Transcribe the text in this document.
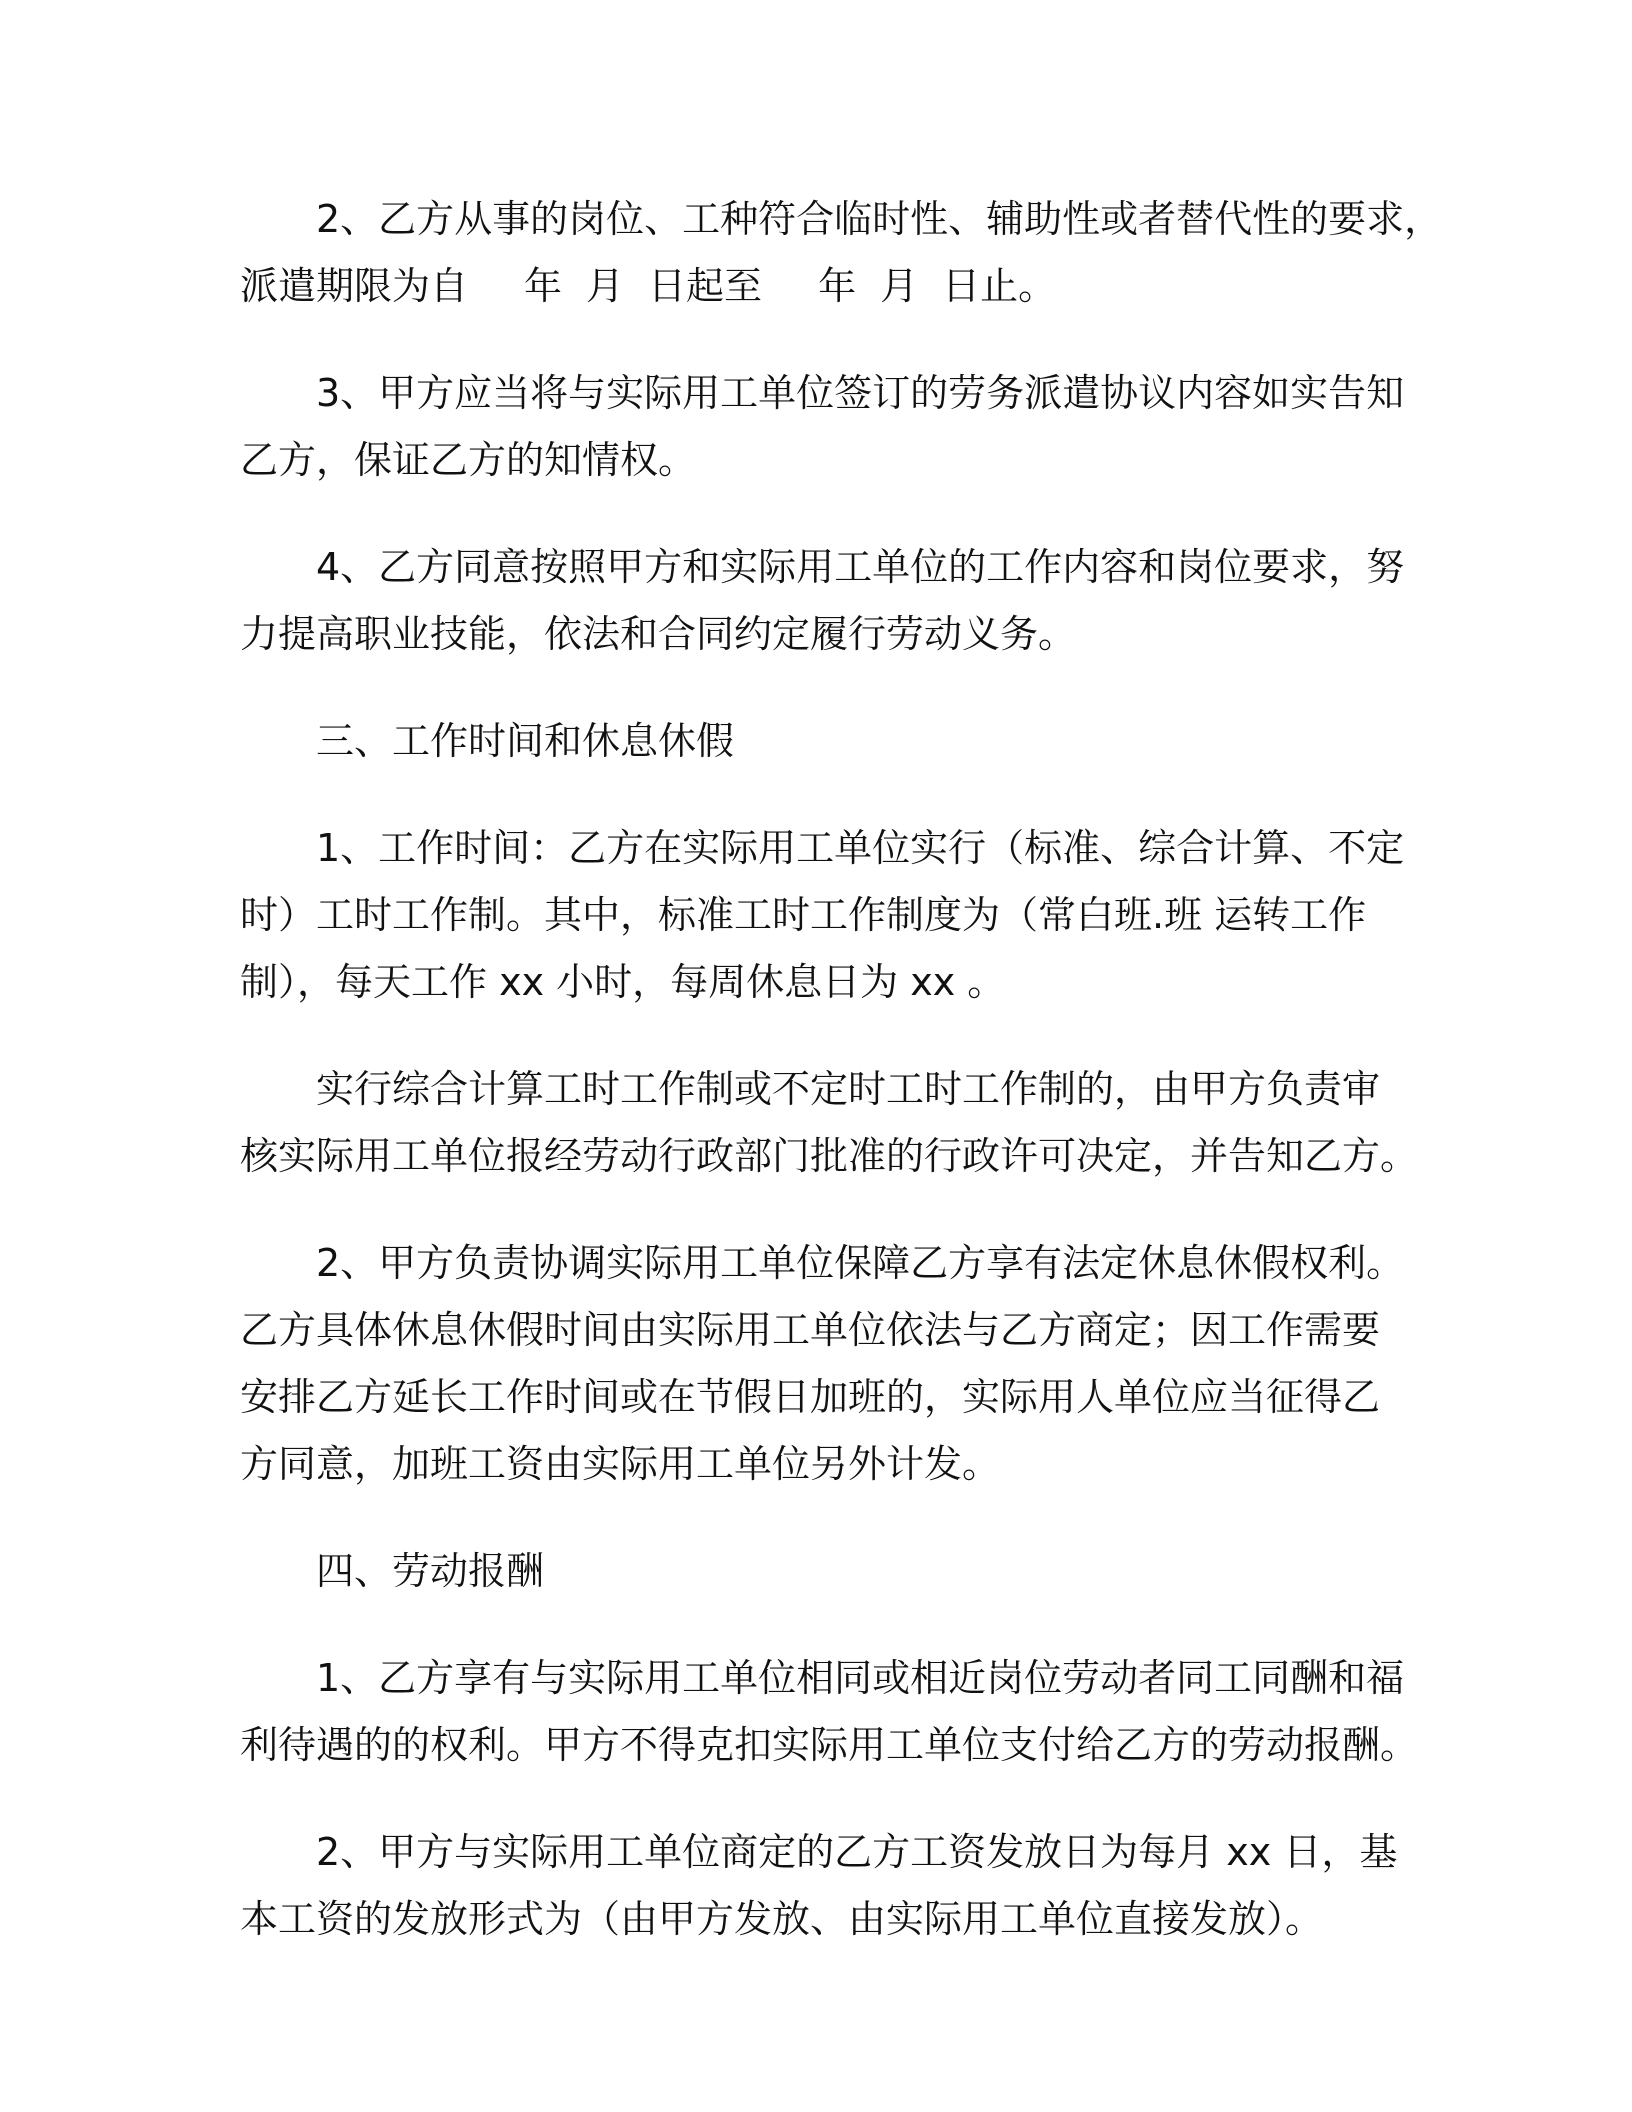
2、乙方从事的岗位、工种符合临时性、辅助性或者替代性的要求，
派遣期限为自 年 月 日起至 年 月 日止。
3、甲方应当将与实际用工单位签订的劳务派遣协议内容如实告知
乙方，保证乙方的知情权。
4、乙方同意按照甲方和实际用工单位的工作内容和岗位要求，努
力提高职业技能，依法和合同约定履行劳动义务。
三、工作时间和休息休假
1、工作时间：乙方在实际用工单位实行（标准、综合计算、不定
时）工时工作制。其中，标准工时工作制度为（常白班.班 运转工作
制），每天工作 xx 小时，每周休息日为 xx 。
实行综合计算工时工作制或不定时工时工作制的，由甲方负责审
核实际用工单位报经劳动行政部门批准的行政许可决定，并告知乙方。
2、甲方负责协调实际用工单位保障乙方享有法定休息休假权利。
乙方具体休息休假时间由实际用工单位依法与乙方商定；因工作需要
安排乙方延长工作时间或在节假日加班的，实际用人单位应当征得乙
方同意，加班工资由实际用工单位另外计发。
四、劳动报酬
1、乙方享有与实际用工单位相同或相近岗位劳动者同工同酬和福
利待遇的的权利。甲方不得克扣实际用工单位支付给乙方的劳动报酬。
2、甲方与实际用工单位商定的乙方工资发放日为每月 xx 日，基
本工资的发放形式为（由甲方发放、由实际用工单位直接发放）。
